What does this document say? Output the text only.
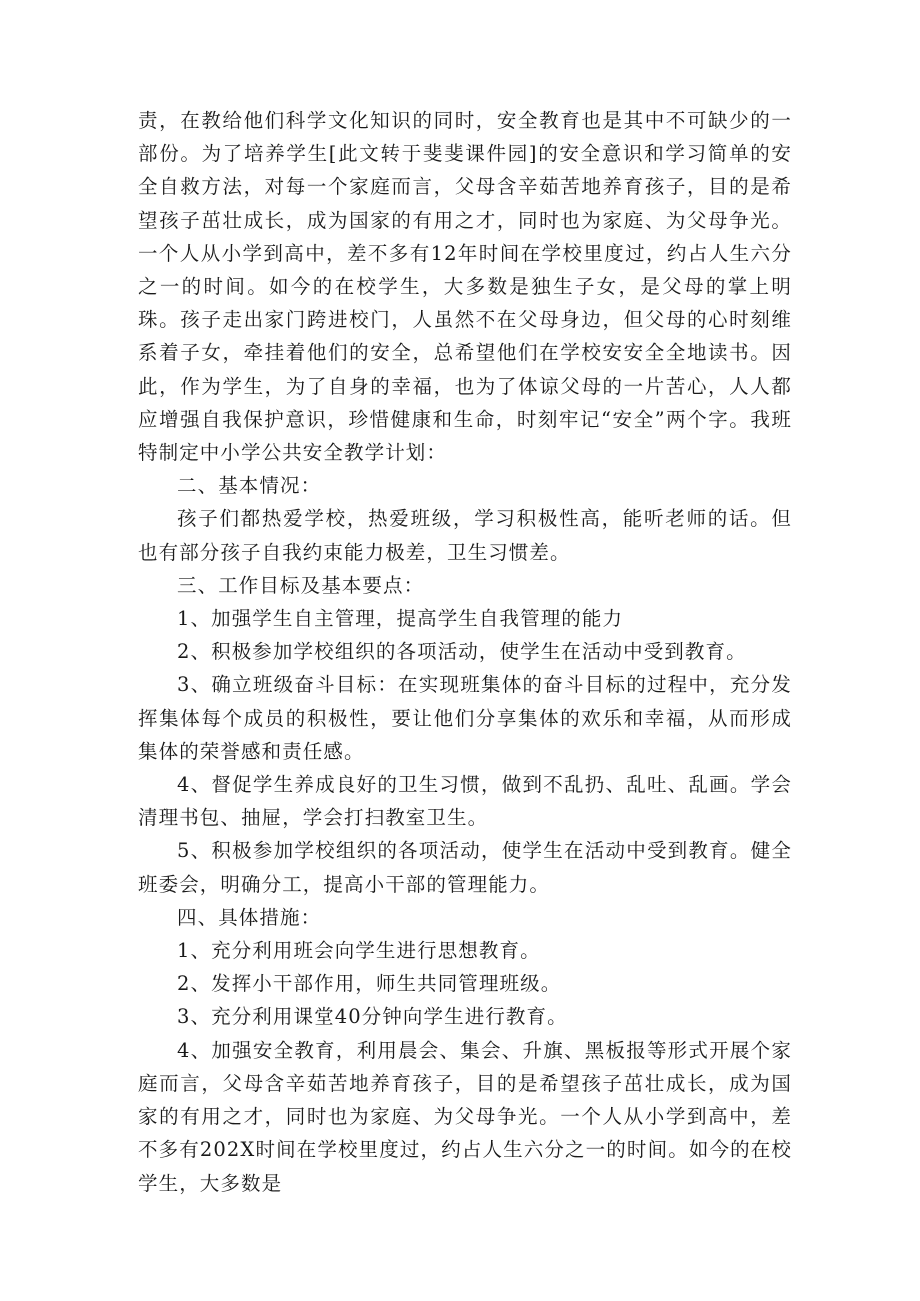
责，在教给他们科学文化知识的同时，安全教育也是其中不可缺少的一部份。为了培养学生[此文转于斐斐课件园]的安全意识和学习简单的安全自救方法，对每一个家庭而言，父母含辛茹苦地养育孩子，目的是希望孩子茁壮成长，成为国家的有用之才，同时也为家庭、为父母争光。一个人从小学到高中，差不多有12年时间在学校里度过，约占人生六分之一的时间。如今的在校学生，大多数是独生子女，是父母的掌上明珠。孩子走出家门跨进校门，人虽然不在父母身边，但父母的心时刻维系着子女，牵挂着他们的安全，总希望他们在学校安安全全地读书。因此，作为学生，为了自身的幸福，也为了体谅父母的一片苦心，人人都应增强自我保护意识，珍惜健康和生命，时刻牢记“安全”两个字。我班特制定中小学公共安全教学计划：

二、基本情况：

孩子们都热爱学校，热爱班级，学习积极性高，能听老师的话。但也有部分孩子自我约束能力极差，卫生习惯差。

三、工作目标及基本要点：

1、加强学生自主管理，提高学生自我管理的能力

2、积极参加学校组织的各项活动，使学生在活动中受到教育。

3、确立班级奋斗目标：在实现班集体的奋斗目标的过程中，充分发挥集体每个成员的积极性，要让他们分享集体的欢乐和幸福，从而形成集体的荣誉感和责任感。

4、督促学生养成良好的卫生习惯，做到不乱扔、乱吐、乱画。学会清理书包、抽屉，学会打扫教室卫生。

5、积极参加学校组织的各项活动，使学生在活动中受到教育。健全班委会，明确分工，提高小干部的管理能力。

四、具体措施：

1、充分利用班会向学生进行思想教育。

2、发挥小干部作用，师生共同管理班级。

3、充分利用课堂40分钟向学生进行教育。

4、加强安全教育，利用晨会、集会、升旗、黑板报等形式开展个家庭而言，父母含辛茹苦地养育孩子，目的是希望孩子茁壮成长，成为国家的有用之才，同时也为家庭、为父母争光。一个人从小学到高中，差不多有202X时间在学校里度过，约占人生六分之一的时间。如今的在校学生，大多数是
